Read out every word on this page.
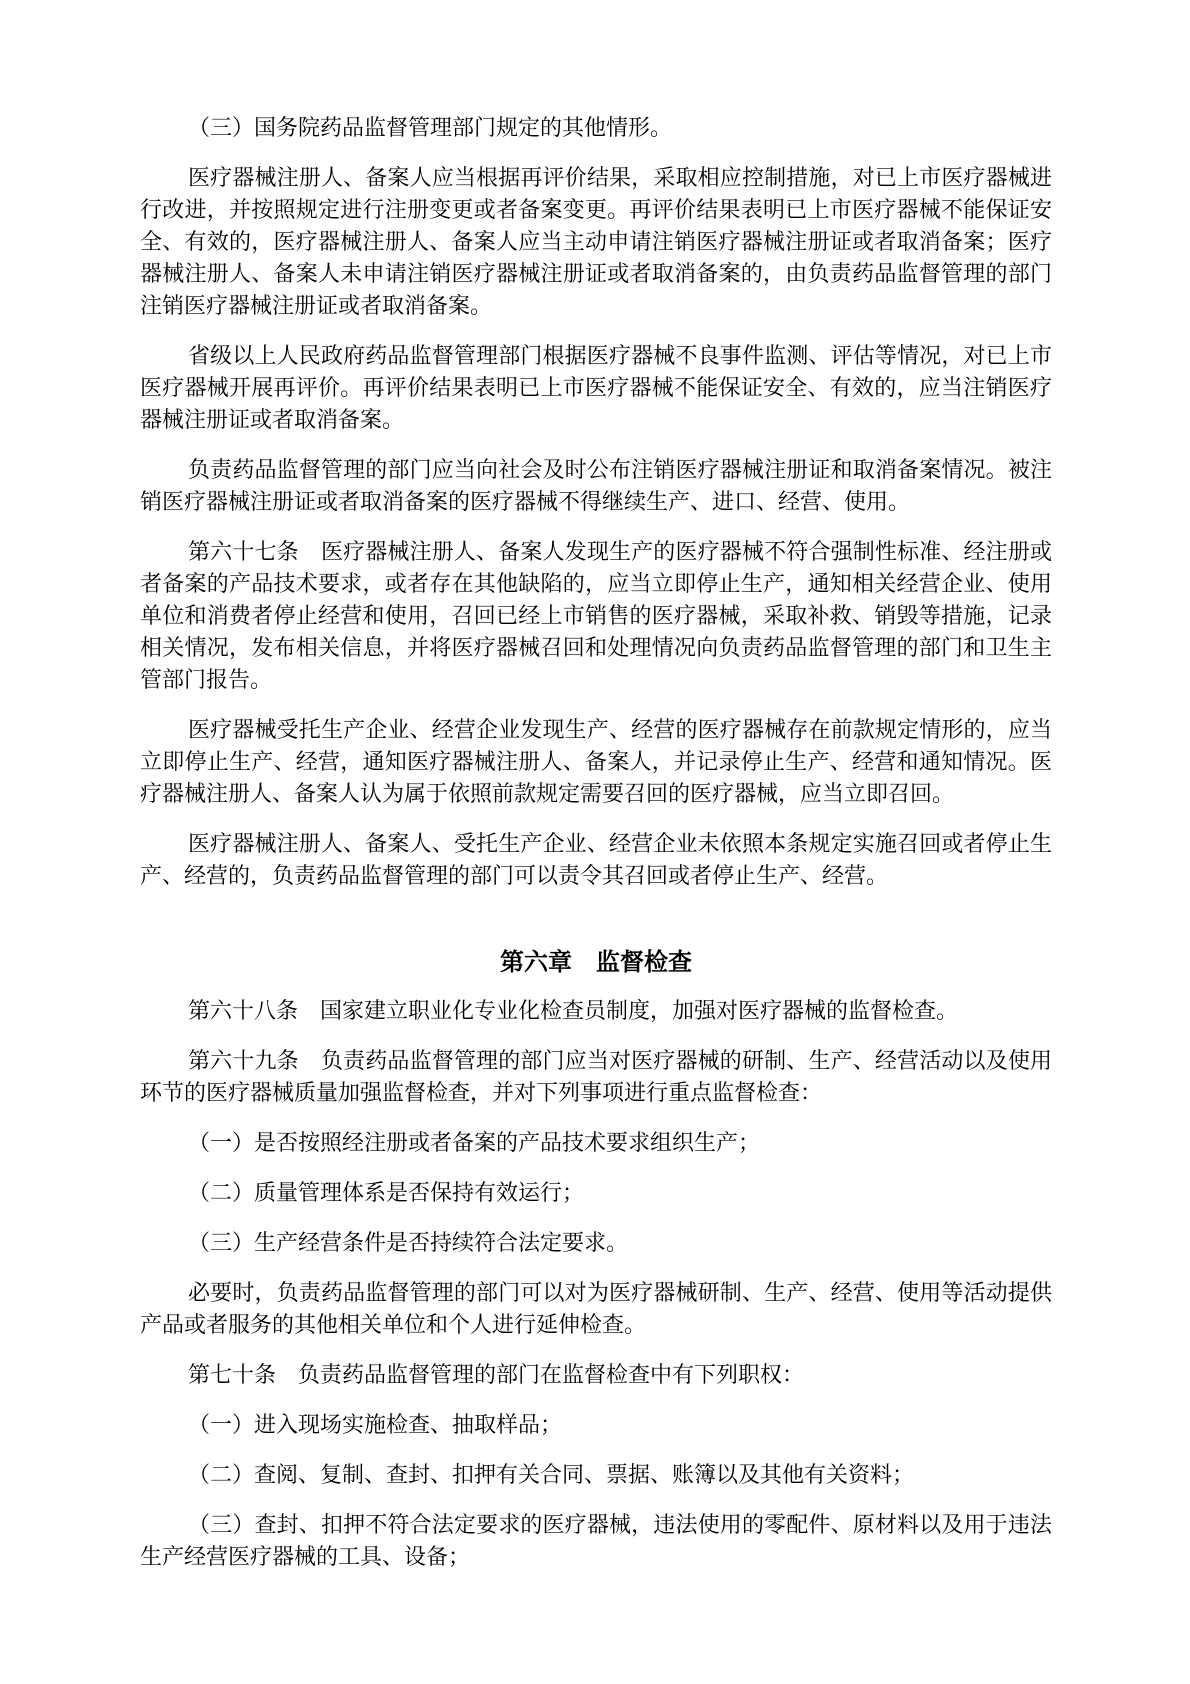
（三）国务院药品监督管理部门规定的其他情形。

医疗器械注册人、备案人应当根据再评价结果，采取相应控制措施，对已上市医疗器械进行改进，并按照规定进行注册变更或者备案变更。再评价结果表明已上市医疗器械不能保证安全、有效的，医疗器械注册人、备案人应当主动申请注销医疗器械注册证或者取消备案；医疗器械注册人、备案人未申请注销医疗器械注册证或者取消备案的，由负责药品监督管理的部门注销医疗器械注册证或者取消备案。

省级以上人民政府药品监督管理部门根据医疗器械不良事件监测、评估等情况，对已上市医疗器械开展再评价。再评价结果表明已上市医疗器械不能保证安全、有效的，应当注销医疗器械注册证或者取消备案。

负责药品监督管理的部门应当向社会及时公布注销医疗器械注册证和取消备案情况。被注销医疗器械注册证或者取消备案的医疗器械不得继续生产、进口、经营、使用。

第六十七条　医疗器械注册人、备案人发现生产的医疗器械不符合强制性标准、经注册或者备案的产品技术要求，或者存在其他缺陷的，应当立即停止生产，通知相关经营企业、使用单位和消费者停止经营和使用，召回已经上市销售的医疗器械，采取补救、销毁等措施，记录相关情况，发布相关信息，并将医疗器械召回和处理情况向负责药品监督管理的部门和卫生主管部门报告。

医疗器械受托生产企业、经营企业发现生产、经营的医疗器械存在前款规定情形的，应当立即停止生产、经营，通知医疗器械注册人、备案人，并记录停止生产、经营和通知情况。医疗器械注册人、备案人认为属于依照前款规定需要召回的医疗器械，应当立即召回。

医疗器械注册人、备案人、受托生产企业、经营企业未依照本条规定实施召回或者停止生产、经营的，负责药品监督管理的部门可以责令其召回或者停止生产、经营。

第六章　监督检查

第六十八条　国家建立职业化专业化检查员制度，加强对医疗器械的监督检查。

第六十九条　负责药品监督管理的部门应当对医疗器械的研制、生产、经营活动以及使用环节的医疗器械质量加强监督检查，并对下列事项进行重点监督检查：

（一）是否按照经注册或者备案的产品技术要求组织生产；

（二）质量管理体系是否保持有效运行；

（三）生产经营条件是否持续符合法定要求。

必要时，负责药品监督管理的部门可以对为医疗器械研制、生产、经营、使用等活动提供产品或者服务的其他相关单位和个人进行延伸检查。

第七十条　负责药品监督管理的部门在监督检查中有下列职权：

（一）进入现场实施检查、抽取样品；

（二）查阅、复制、查封、扣押有关合同、票据、账簿以及其他有关资料；

（三）查封、扣押不符合法定要求的医疗器械，违法使用的零配件、原材料以及用于违法生产经营医疗器械的工具、设备；
